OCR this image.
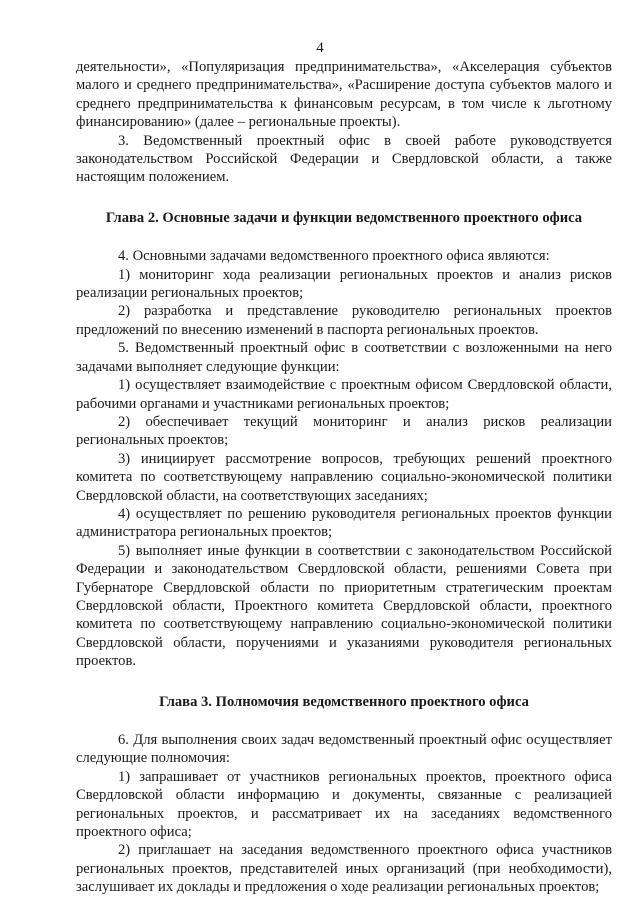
4

деятельности», «Популяризация предпринимательства», «Акселерация субъектов малого и среднего предпринимательства», «Расширение доступа субъектов малого и среднего предпринимательства к финансовым ресурсам, в том числе к льготному финансированию» (далее – региональные проекты).

3. Ведомственный проектный офис в своей работе руководствуется законодательством Российской Федерации и Свердловской области, а также настоящим положением.

Глава 2. Основные задачи и функции ведомственного проектного офиса

4. Основными задачами ведомственного проектного офиса являются:

1) мониторинг хода реализации региональных проектов и анализ рисков реализации региональных проектов;

2) разработка и представление руководителю региональных проектов предложений по внесению изменений в паспорта региональных проектов.

5. Ведомственный проектный офис в соответствии с возложенными на него задачами выполняет следующие функции:

1) осуществляет взаимодействие с проектным офисом Свердловской области, рабочими органами и участниками региональных проектов;

2) обеспечивает текущий мониторинг и анализ рисков реализации региональных проектов;

3) инициирует рассмотрение вопросов, требующих решений проектного комитета по соответствующему направлению социально-экономической политики Свердловской области, на соответствующих заседаниях;

4) осуществляет по решению руководителя региональных проектов функции администратора региональных проектов;

5) выполняет иные функции в соответствии с законодательством Российской Федерации и законодательством Свердловской области, решениями Совета при Губернаторе Свердловской области по приоритетным стратегическим проектам Свердловской области, Проектного комитета Свердловской области, проектного комитета по соответствующему направлению социально-экономической политики Свердловской области, поручениями и указаниями руководителя региональных проектов.

Глава 3. Полномочия ведомственного проектного офиса

6. Для выполнения своих задач ведомственный проектный офис осуществляет следующие полномочия:

1) запрашивает от участников региональных проектов, проектного офиса Свердловской области информацию и документы, связанные с реализацией региональных проектов, и рассматривает их на заседаниях ведомственного проектного офиса;

2) приглашает на заседания ведомственного проектного офиса участников региональных проектов, представителей иных организаций (при необходимости), заслушивает их доклады и предложения о ходе реализации региональных проектов;
